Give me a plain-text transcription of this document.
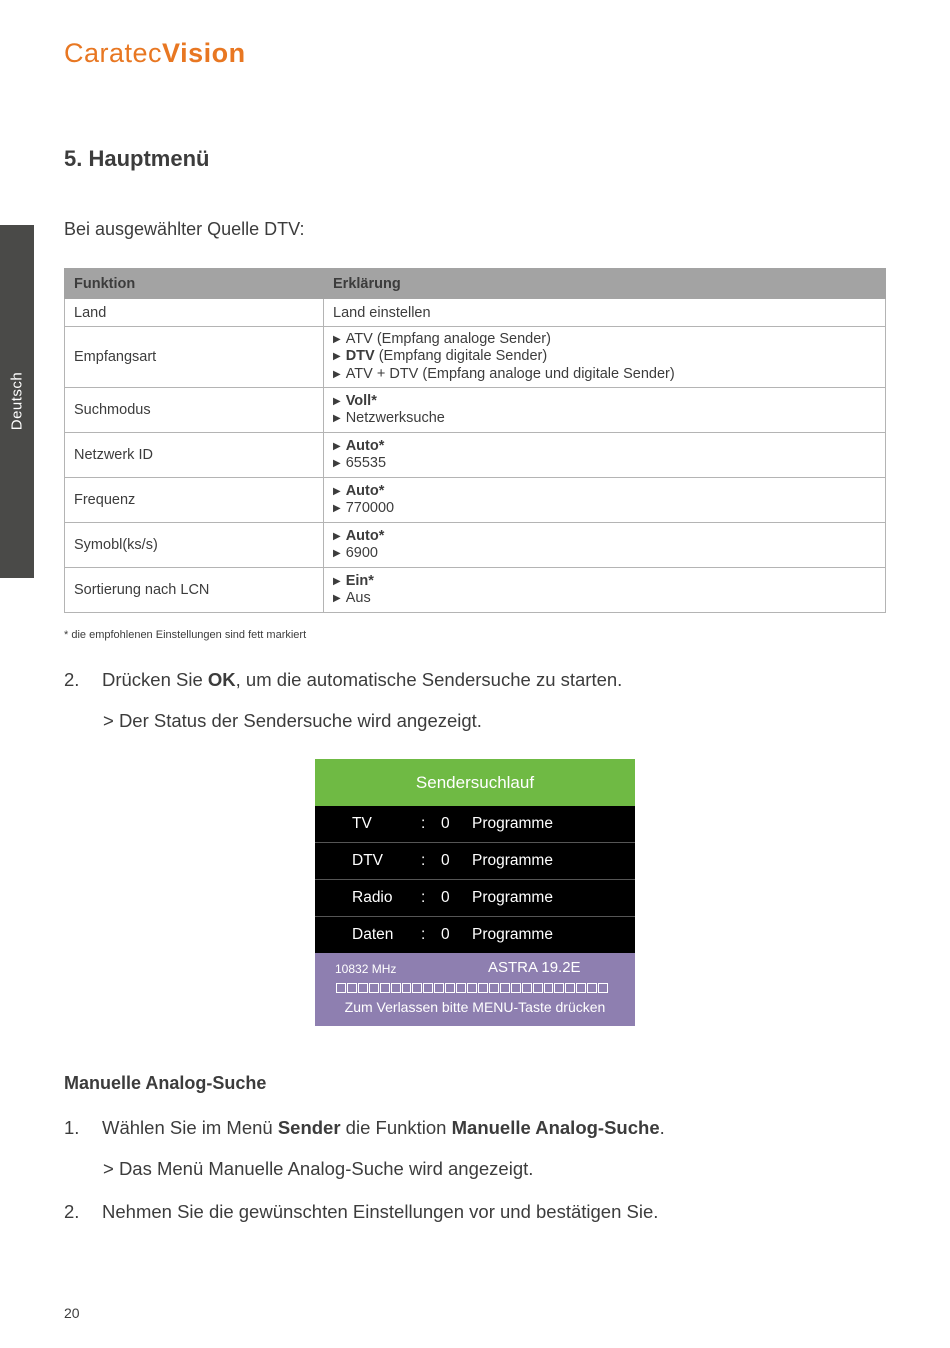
CaratecVision
Deutsch
5. Hauptmenü
Bei ausgewählter Quelle DTV:
Funktion	Erklärung
Land	Land einstellen
Empfangsart	▶ ATV (Empfang analoge Sender)
▶ DTV (Empfang digitale Sender)
▶ ATV + DTV (Empfang analoge und digitale Sender)

Suchmodus	▶ Voll*
▶ Netzwerksuche

Netzwerk ID	▶ Auto*
▶ 65535

Frequenz	▶ Auto*
▶ 770000

Symobl(ks/s)	▶ Auto*
▶ 6900

Sortierung nach LCN	▶ Ein*
▶ Aus
* die empfohlenen Einstellungen sind fett markiert
2. Drücken Sie OK, um die automatische Sendersuche zu starten.
> Der Status der Sendersuche wird angezeigt.
Sendersuchlauf
TV	: 0 Programme
DTV : 0 Programme
Radio : 0 Programme
Daten : 0 Programme
10832 MHz	ASTRA 19.2E
Zum Verlassen bitte MENU-Taste drücken
Manuelle Analog-Suche
1. Wählen Sie im Menü Sender die Funktion Manuelle Analog-Suche.
> Das Menü Manuelle Analog-Suche wird angezeigt.
2. Nehmen Sie die gewünschten Einstellungen vor und bestätigen Sie.
20
